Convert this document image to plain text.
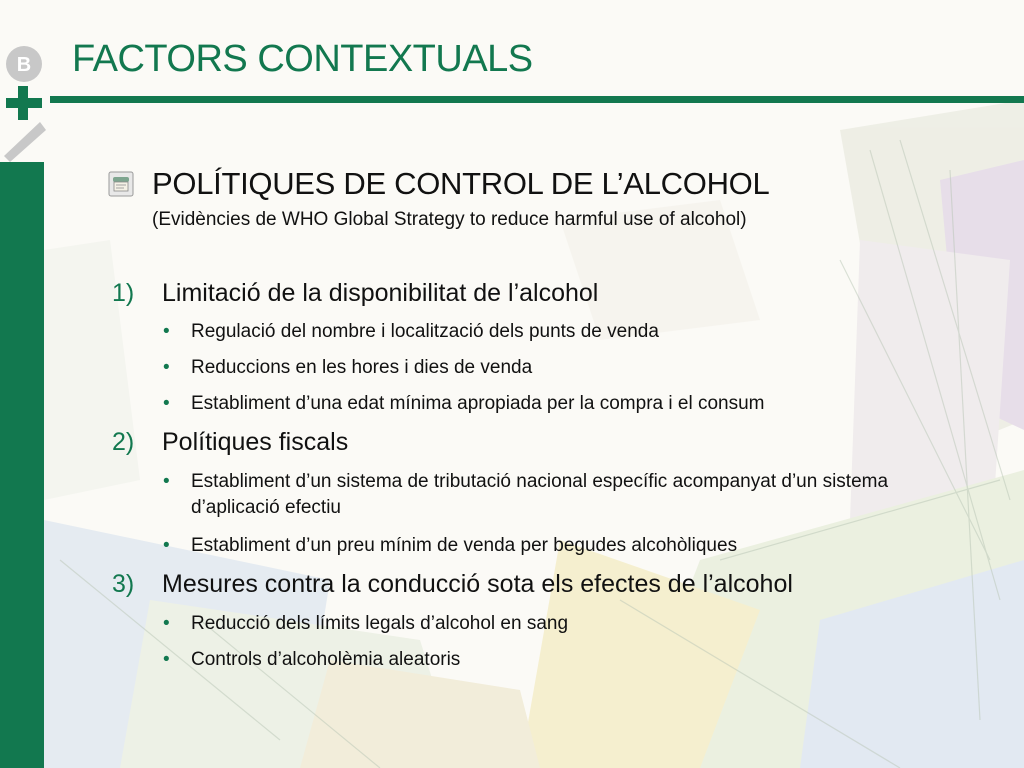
B FACTORS CONTEXTUALS
POLÍTIQUES DE CONTROL DE L’ALCOHOL
(Evidències de WHO Global Strategy to reduce harmful use of alcohol)
1) Limitació de la disponibilitat de l’alcohol
• Regulació del nombre i localització dels punts de venda
• Reduccions en les hores i dies de venda
• Establiment d’una edat mínima apropiada per la compra i el consum
2) Polítiques fiscals
• Establiment d’un sistema de tributació nacional específic acompanyat d’un sistema d’aplicació efectiu
• Establiment d’un preu mínim de venda per begudes alcohòliques
3) Mesures contra la conducció sota els efectes de l’alcohol
• Reducció dels límits legals d’alcohol en sang
• Controls d’alcoholèmia aleatoris
